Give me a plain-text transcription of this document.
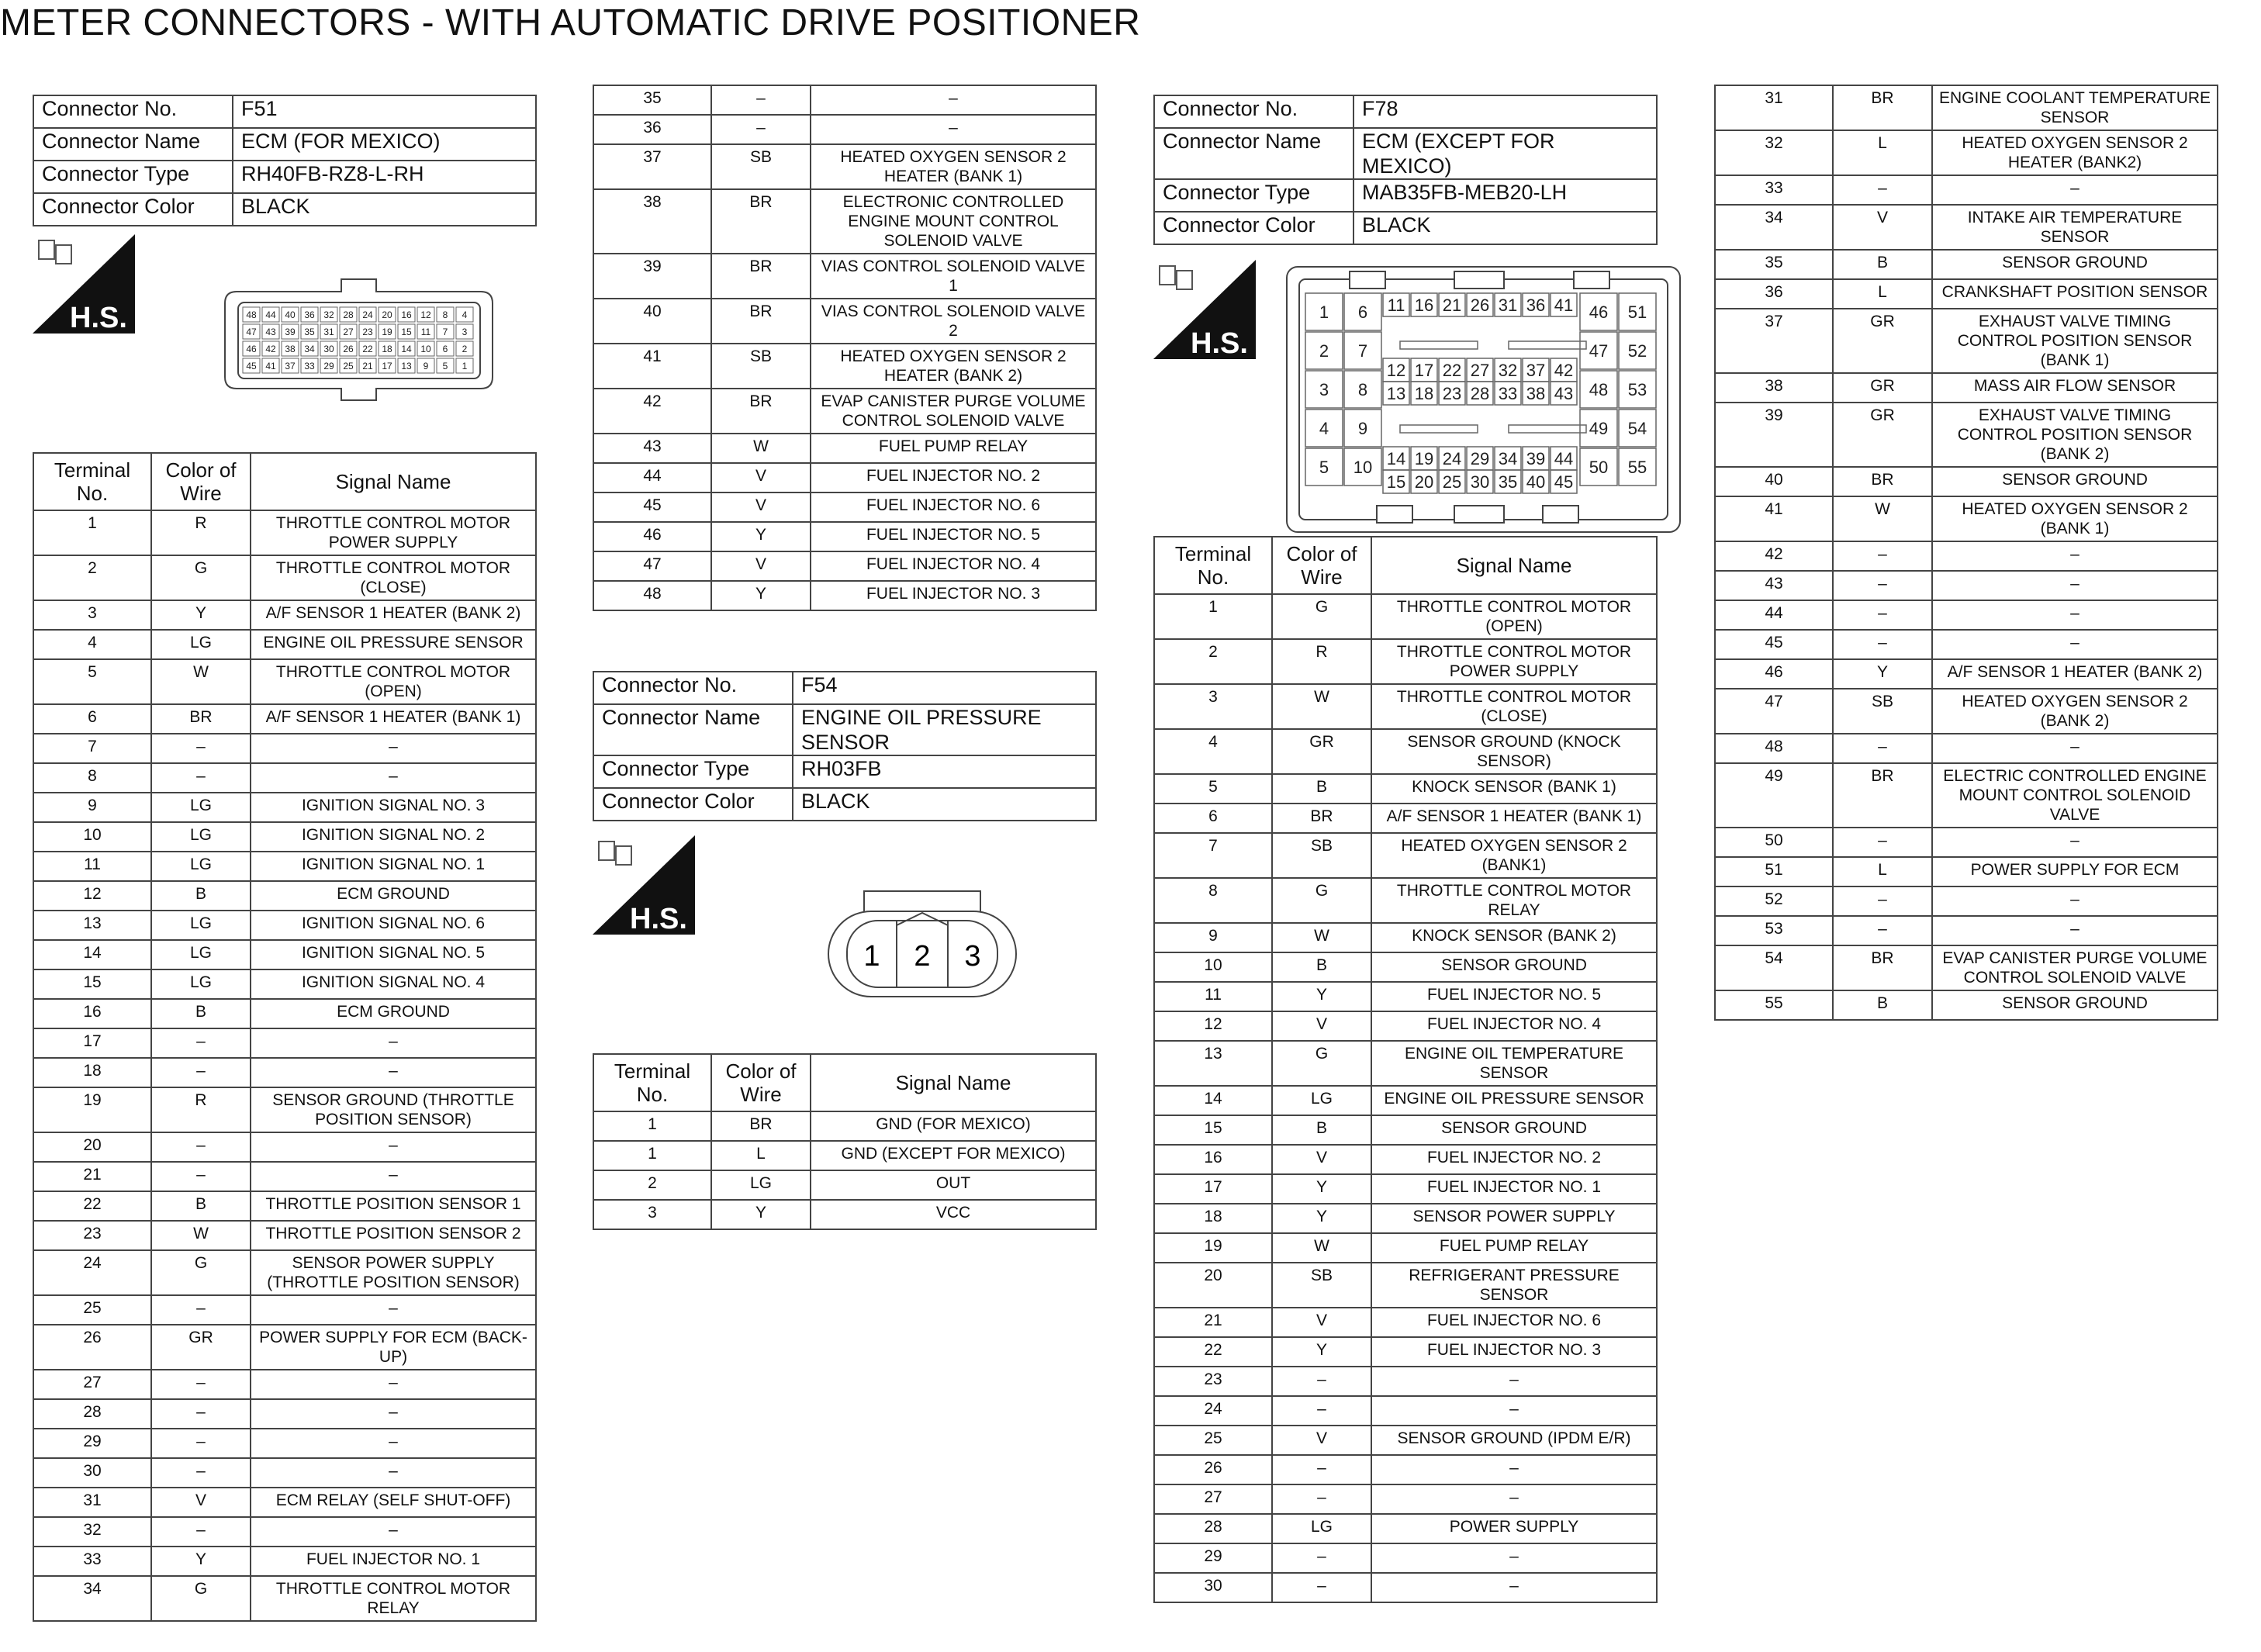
METER CONNECTORS - WITH AUTOMATIC DRIVE POSITIONER
Connector No.	F51
Connector Name	ECM (FOR MEXICO)
Connector Type	RH40FB-RZ8-L-RH
Connector Color	BLACK
H.S.	48 44 40 36 32 28 24 20 16 12 8 4
47 43 39 35 31 27 23 19 15 11 7 3
46 42 38 34 30 26 22 18 14 10 6 2
45 41 37 33 29 25 21 17 13 9 5 1
Terminal No.	Color of Wire	Signal Name
1	R	THROTTLE CONTROL MOTOR POWER SUPPLY
2	G	THROTTLE CONTROL MOTOR (CLOSE)
3	Y	A/F SENSOR 1 HEATER (BANK 2)
4	LG	ENGINE OIL PRESSURE SENSOR
5	W	THROTTLE CONTROL MOTOR (OPEN)
6	BR	A/F SENSOR 1 HEATER (BANK 1)
7	–	–
8	–	–
9	LG	IGNITION SIGNAL NO. 3
10	LG	IGNITION SIGNAL NO. 2
11	LG	IGNITION SIGNAL NO. 1
12	B	ECM GROUND
13	LG	IGNITION SIGNAL NO. 6
14	LG	IGNITION SIGNAL NO. 5
15	LG	IGNITION SIGNAL NO. 4
16	B	ECM GROUND
17	–	–
18	–	–
19	R	SENSOR GROUND (THROTTLE POSITION SENSOR)
20	–	–
21	–	–
22	B	THROTTLE POSITION SENSOR 1
23	W	THROTTLE POSITION SENSOR 2
24	G	SENSOR POWER SUPPLY (THROTTLE POSITION SENSOR)
25	–	–
26	GR	POWER SUPPLY FOR ECM (BACK-UP)
27	–	–
28	–	–
29	–	–
30	–	–
31	V	ECM RELAY (SELF SHUT-OFF)
32	–	–
33	Y	FUEL INJECTOR NO. 1
34	G	THROTTLE CONTROL MOTOR RELAY
35	–	–
36	–	–
37	SB	HEATED OXYGEN SENSOR 2 HEATER (BANK 1)
38	BR	ELECTRONIC CONTROLLED ENGINE MOUNT CONTROL SOLENOID VALVE
39	BR	VIAS CONTROL SOLENOID VALVE 1
40	BR	VIAS CONTROL SOLENOID VALVE 2
41	SB	HEATED OXYGEN SENSOR 2 HEATER (BANK 2)
42	BR	EVAP CANISTER PURGE VOLUME CONTROL SOLENOID VALVE
43	W	FUEL PUMP RELAY
44	V	FUEL INJECTOR NO. 2
45	V	FUEL INJECTOR NO. 6
46	Y	FUEL INJECTOR NO. 5
47	V	FUEL INJECTOR NO. 4
48	Y	FUEL INJECTOR NO. 3
Connector No.	F54
Connector Name	ENGINE OIL PRESSURE SENSOR
Connector Type	RH03FB
Connector Color	BLACK
H.S.
1 2 3
Terminal No.	Color of Wire	Signal Name
1	BR	GND (FOR MEXICO)
1	L	GND (EXCEPT FOR MEXICO)
2	LG	OUT
3	Y	VCC
Connector No.	F78
Connector Name	ECM (EXCEPT FOR MEXICO)
Connector Type	MAB35FB-MEB20-LH
Connector Color	BLACK
H.S.
1 6
2 7
3 8
4 9
5 10
46 51
47 52
48 53
49 54
50 55
11 16 21 26 31 36 41
12 17 22 27 32 37 42
13 18 23 28 33 38 43
14 19 24 29 34 39 44
15 20 25 30 35 40 45
Terminal No.	Color of Wire	Signal Name
1	G	THROTTLE CONTROL MOTOR (OPEN)
2	R	THROTTLE CONTROL MOTOR POWER SUPPLY
3	W	THROTTLE CONTROL MOTOR (CLOSE)
4	GR	SENSOR GROUND (KNOCK SENSOR)
5	B	KNOCK SENSOR (BANK 1)
6	BR	A/F SENSOR 1 HEATER (BANK 1)
7	SB	HEATED OXYGEN SENSOR 2 (BANK1)
8	G	THROTTLE CONTROL MOTOR RELAY
9	W	KNOCK SENSOR (BANK 2)
10	B	SENSOR GROUND
11	Y	FUEL INJECTOR NO. 5
12	V	FUEL INJECTOR NO. 4
13	G	ENGINE OIL TEMPERATURE SENSOR
14	LG	ENGINE OIL PRESSURE SENSOR
15	B	SENSOR GROUND
16	V	FUEL INJECTOR NO. 2
17	Y	FUEL INJECTOR NO. 1
18	Y	SENSOR POWER SUPPLY
19	W	FUEL PUMP RELAY
20	SB	REFRIGERANT PRESSURE SENSOR
21	V	FUEL INJECTOR NO. 6
22	Y	FUEL INJECTOR NO. 3
23	–	–
24	–	–
25	V	SENSOR GROUND (IPDM E/R)
26	–	–
27	–	–
28	LG	POWER SUPPLY
29	–	–
30	–	–
31	BR	ENGINE COOLANT TEMPERATURE SENSOR
32	L	HEATED OXYGEN SENSOR 2 HEATER (BANK2)
33	–	–
34	V	INTAKE AIR TEMPERATURE SENSOR
35	B	SENSOR GROUND
36	L	CRANKSHAFT POSITION SENSOR
37	GR	EXHAUST VALVE TIMING CONTROL POSITION SENSOR (BANK 1)
38	GR	MASS AIR FLOW SENSOR
39	GR	EXHAUST VALVE TIMING CONTROL POSITION SENSOR (BANK 2)
40	BR	SENSOR GROUND
41	W	HEATED OXYGEN SENSOR 2 (BANK 1)
42	–	–
43	–	–
44	–	–
45	–	–
46	Y	A/F SENSOR 1 HEATER (BANK 2)
47	SB	HEATED OXYGEN SENSOR 2 (BANK 2)
48	–	–
49	BR	ELECTRIC CONTROLLED ENGINE MOUNT CONTROL SOLENOID VALVE
50	–	–
51	L	POWER SUPPLY FOR ECM
52	–	–
53	–	–
54	BR	EVAP CANISTER PURGE VOLUME CONTROL SOLENOID VALVE
55	B	SENSOR GROUND
